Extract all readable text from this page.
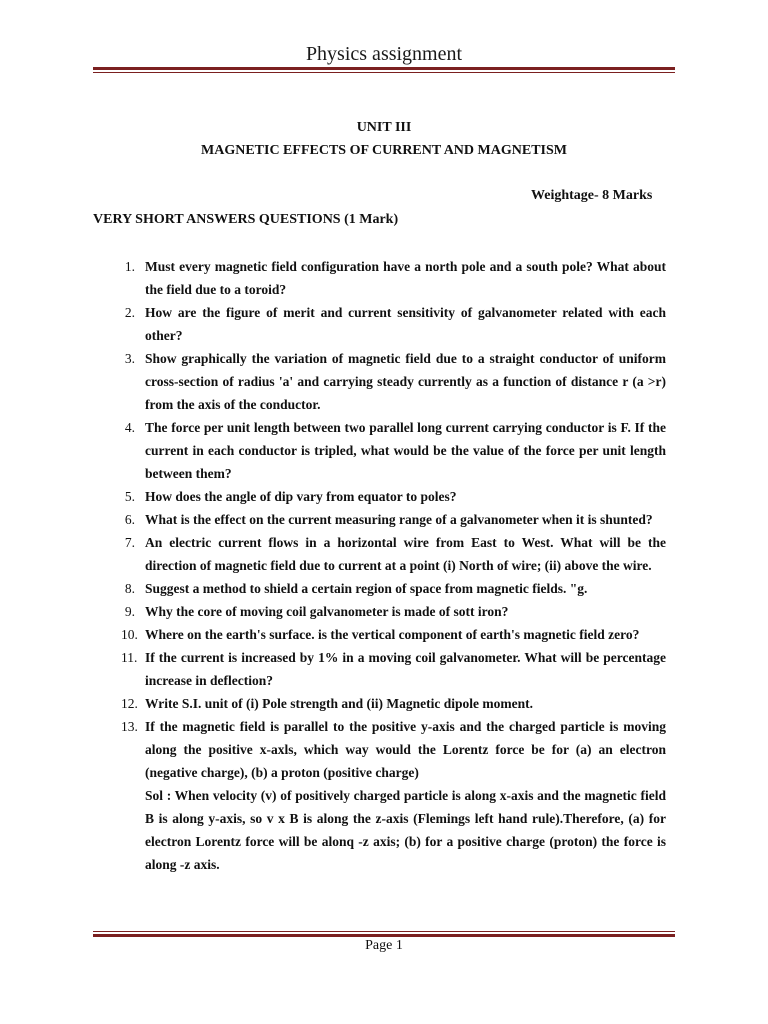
Physics assignment
UNIT III
MAGNETIC EFFECTS OF CURRENT AND MAGNETISM
Weightage- 8 Marks
VERY SHORT ANSWERS QUESTIONS (1 Mark)
1. Must every magnetic field configuration have a north pole and a south pole? What about the field due to a toroid?
2. How are the figure of merit and current sensitivity of galvanometer related with each other?
3. Show graphically the variation of magnetic field due to a straight conductor of uniform cross-section of radius 'a' and carrying steady currently as a function of distance r (a >r) from the axis of the conductor.
4. The force per unit length between two parallel long current carrying conductor is F. If the current in each conductor is tripled, what would be the value of the force per unit length between them?
5. How does the angle of dip vary from equator to poles?
6. What is the effect on the current measuring range of a galvanometer when it is shunted?
7. An electric current flows in a horizontal wire from East to West. What will be the direction of magnetic field due to current at a point (i) North of wire; (ii) above the wire.
8. Suggest a method to shield a certain region of space from magnetic fields. "g.
9. Why the core of moving coil galvanometer is made of sott iron?
10. Where on the earth's surface. is the vertical component of earth's magnetic field zero?
11. If the current is increased by 1% in a moving coil galvanometer. What will be percentage increase in deflection?
12. Write S.I. unit of (i) Pole strength and (ii) Magnetic dipole moment.
13. If the magnetic field is parallel to the positive y-axis and the charged particle is moving along the positive x-axls, which way would the Lorentz force be for (a) an electron (negative charge), (b) a proton (positive charge)
Sol : When velocity (v) of positively charged particle is along x-axis and the magnetic field B is along y-axis, so v x B is along the z-axis (Flemings left hand rule).Therefore, (a) for electron Lorentz force will be alonq -z axis; (b) for a positive charge (proton) the force is along -z axis.
Page 1
